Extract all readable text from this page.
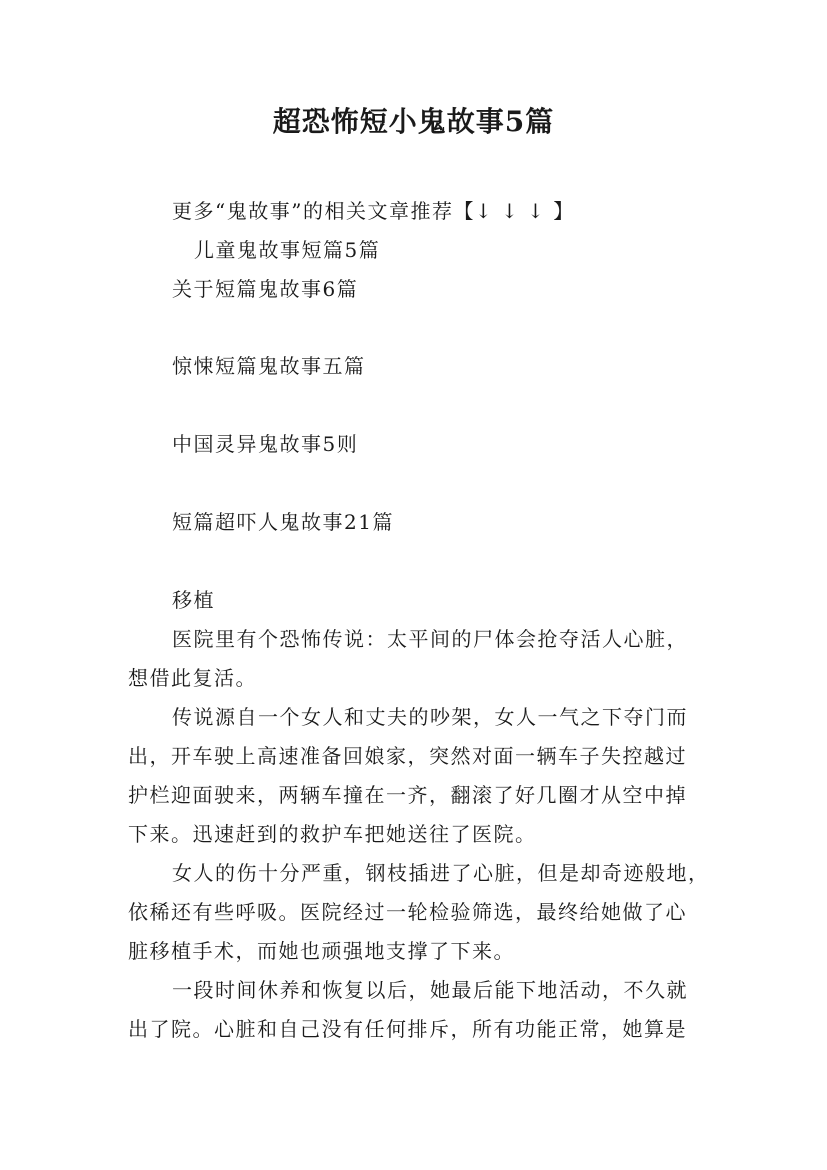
超恐怖短小鬼故事5篇
更多“鬼故事”的相关文章推荐【↓ ↓ ↓ 】
儿童鬼故事短篇5篇
关于短篇鬼故事6篇
惊悚短篇鬼故事五篇
中国灵异鬼故事5则
短篇超吓人鬼故事21篇
移植
医院里有个恐怖传说：太平间的尸体会抢夺活人心脏，
想借此复活。
传说源自一个女人和丈夫的吵架，女人一气之下夺门而
出，开车驶上高速准备回娘家，突然对面一辆车子失控越过
护栏迎面驶来，两辆车撞在一齐，翻滚了好几圈才从空中掉
下来。迅速赶到的救护车把她送往了医院。
女人的伤十分严重，钢枝插进了心脏，但是却奇迹般地，
依稀还有些呼吸。医院经过一轮检验筛选，最终给她做了心
脏移植手术，而她也顽强地支撑了下来。
一段时间休养和恢复以后，她最后能下地活动，不久就
出了院。心脏和自己没有任何排斥，所有功能正常，她算是
